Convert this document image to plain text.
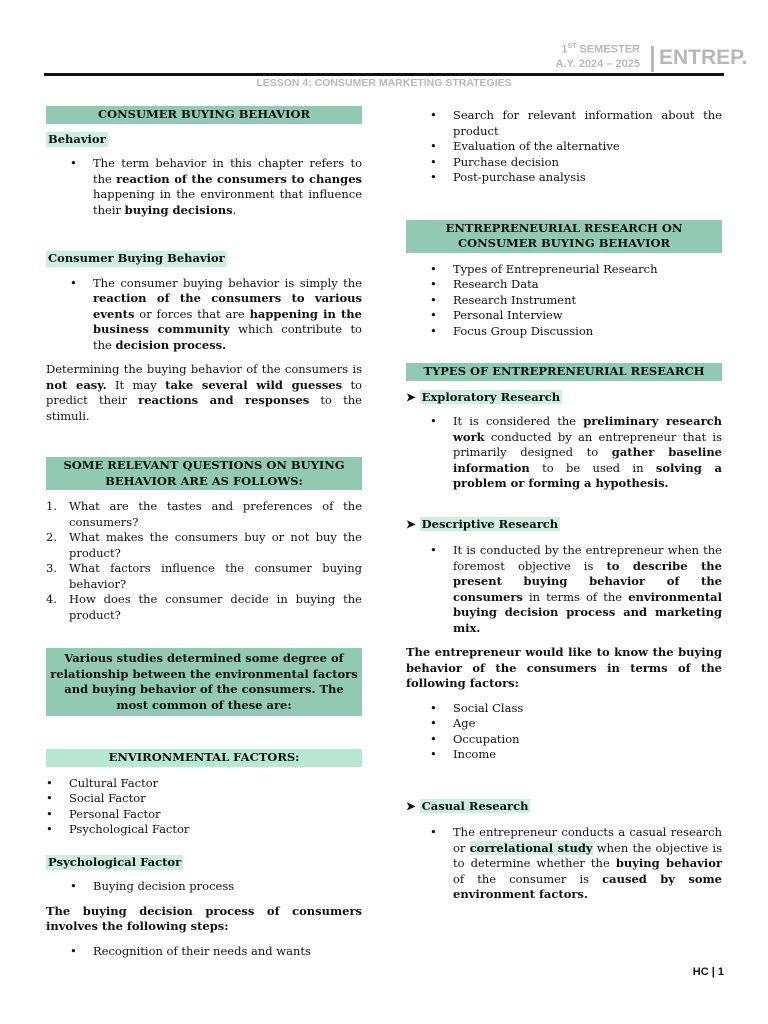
1ST SEMESTER
A.Y. 2024 – 2025 ENTREP.
LESSON 4: CONSUMER MARKETING STRATEGIES
CONSUMER BUYING BEHAVIOR
Behavior
• The term behavior in this chapter refers to the reaction of the consumers to changes happening in the environment that influence their buying decisions.
Consumer Buying Behavior
• The consumer buying behavior is simply the reaction of the consumers to various events or forces that are happening in the business community which contribute to the decision process.

Determining the buying behavior of the consumers is not easy. It may take several wild guesses to predict their reactions and responses to the stimuli.

SOME RELEVANT QUESTIONS ON BUYING BEHAVIOR ARE AS FOLLOWS:
1. What are the tastes and preferences of the consumers?
2. What makes the consumers buy or not buy the product?
3. What factors influence the consumer buying behavior?
4. How does the consumer decide in buying the product?
Various studies determined some degree of relationship between the environmental factors and buying behavior of the consumers. The most common of these are:
ENVIRONMENTAL FACTORS:
• Cultural Factor
• Social Factor
• Personal Factor
• Psychological Factor
Psychological Factor
• Buying decision process

The buying decision process of consumers involves the following steps:

• Recognition of their needs and wants
• Search for relevant information about the product
• Evaluation of the alternative
• Purchase decision
• Post-purchase analysis
ENTREPRENEURIAL RESEARCH ON CONSUMER BUYING BEHAVIOR
• Types of Entrepreneurial Research
• Research Data
• Research Instrument
• Personal Interview
• Focus Group Discussion
TYPES OF ENTREPRENEURIAL RESEARCH
➤ Exploratory Research
• It is considered the preliminary research work conducted by an entrepreneur that is primarily designed to gather baseline information to be used in solving a problem or forming a hypothesis.
➤ Descriptive Research
• It is conducted by the entrepreneur when the foremost objective is to describe the present buying behavior of the consumers in terms of the environmental buying decision process and marketing mix.

The entrepreneur would like to know the buying behavior of the consumers in terms of the following factors:

• Social Class
• Age
• Occupation
• Income
➤ Casual Research
• The entrepreneur conducts a casual research or correlational study when the objective is to determine whether the buying behavior of the consumer is caused by some environment factors.
HC | 1
